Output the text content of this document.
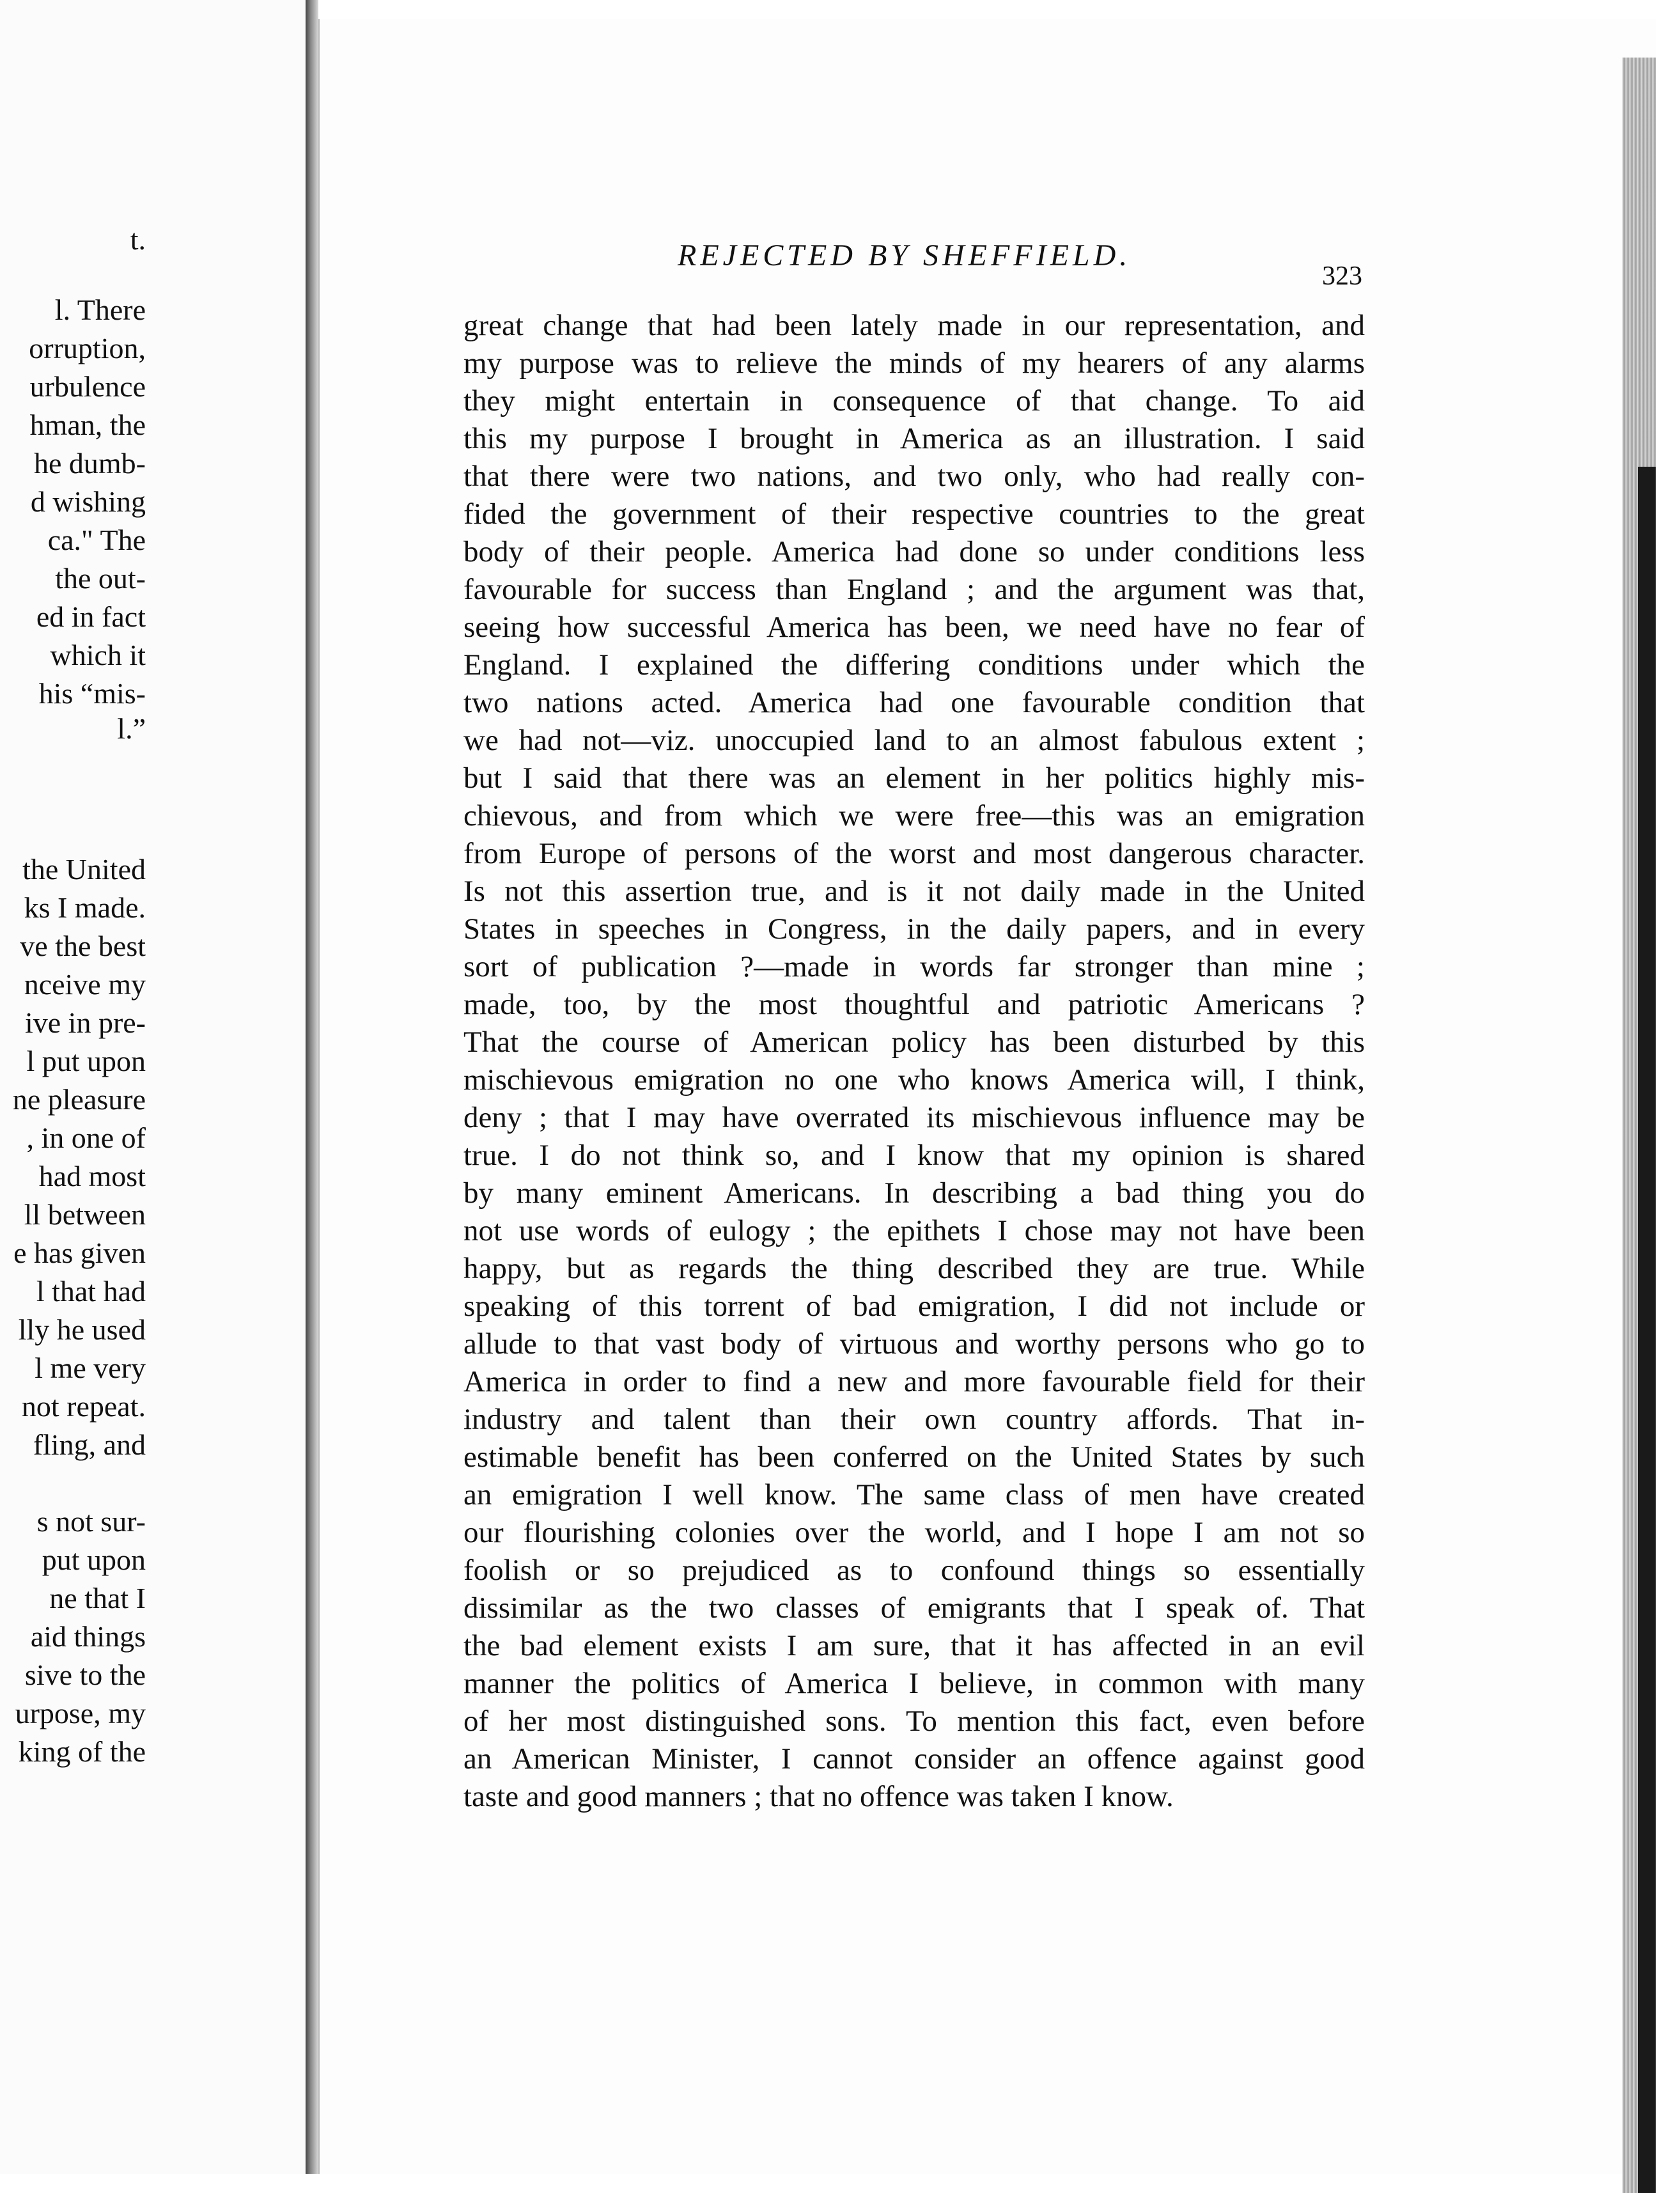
t.
l. There
orruption,
urbulence
hman, the
he dumb-
d wishing
ca." The
the out-
ed in fact
which it
his “mis-
l.”
the United
ks I made.
ve the best
nceive my
ive in pre-
l put upon
ne pleasure
, in one of
had most
ll between
e has given
l that had
lly he used
l me very
not repeat.
fling, and
s not sur-
put upon
ne that I
aid things
sive to the
urpose, my
king of the
REJECTED BY SHEFFIELD.
323
great change that had been lately made in our representation, and
my purpose was to relieve the minds of my hearers of any alarms
they might entertain in consequence of that change. To aid
this my purpose I brought in America as an illustration. I said
that there were two nations, and two only, who had really con-
fided the government of their respective countries to the great
body of their people. America had done so under conditions less
favourable for success than England ; and the argument was that,
seeing how successful America has been, we need have no fear of
England. I explained the differing conditions under which the
two nations acted. America had one favourable condition that
we had not—viz. unoccupied land to an almost fabulous extent ;
but I said that there was an element in her politics highly mis-
chievous, and from which we were free—this was an emigration
from Europe of persons of the worst and most dangerous character.
Is not this assertion true, and is it not daily made in the United
States in speeches in Congress, in the daily papers, and in every
sort of publication ?—made in words far stronger than mine ;
made, too, by the most thoughtful and patriotic Americans ?
That the course of American policy has been disturbed by this
mischievous emigration no one who knows America will, I think,
deny ; that I may have overrated its mischievous influence may be
true. I do not think so, and I know that my opinion is shared
by many eminent Americans. In describing a bad thing you do
not use words of eulogy ; the epithets I chose may not have been
happy, but as regards the thing described they are true. While
speaking of this torrent of bad emigration, I did not include or
allude to that vast body of virtuous and worthy persons who go to
America in order to find a new and more favourable field for their
industry and talent than their own country affords. That in-
estimable benefit has been conferred on the United States by such
an emigration I well know. The same class of men have created
our flourishing colonies over the world, and I hope I am not so
foolish or so prejudiced as to confound things so essentially
dissimilar as the two classes of emigrants that I speak of. That
the bad element exists I am sure, that it has affected in an evil
manner the politics of America I believe, in common with many
of her most distinguished sons. To mention this fact, even before
an American Minister, I cannot consider an offence against good
taste and good manners ; that no offence was taken I know.
